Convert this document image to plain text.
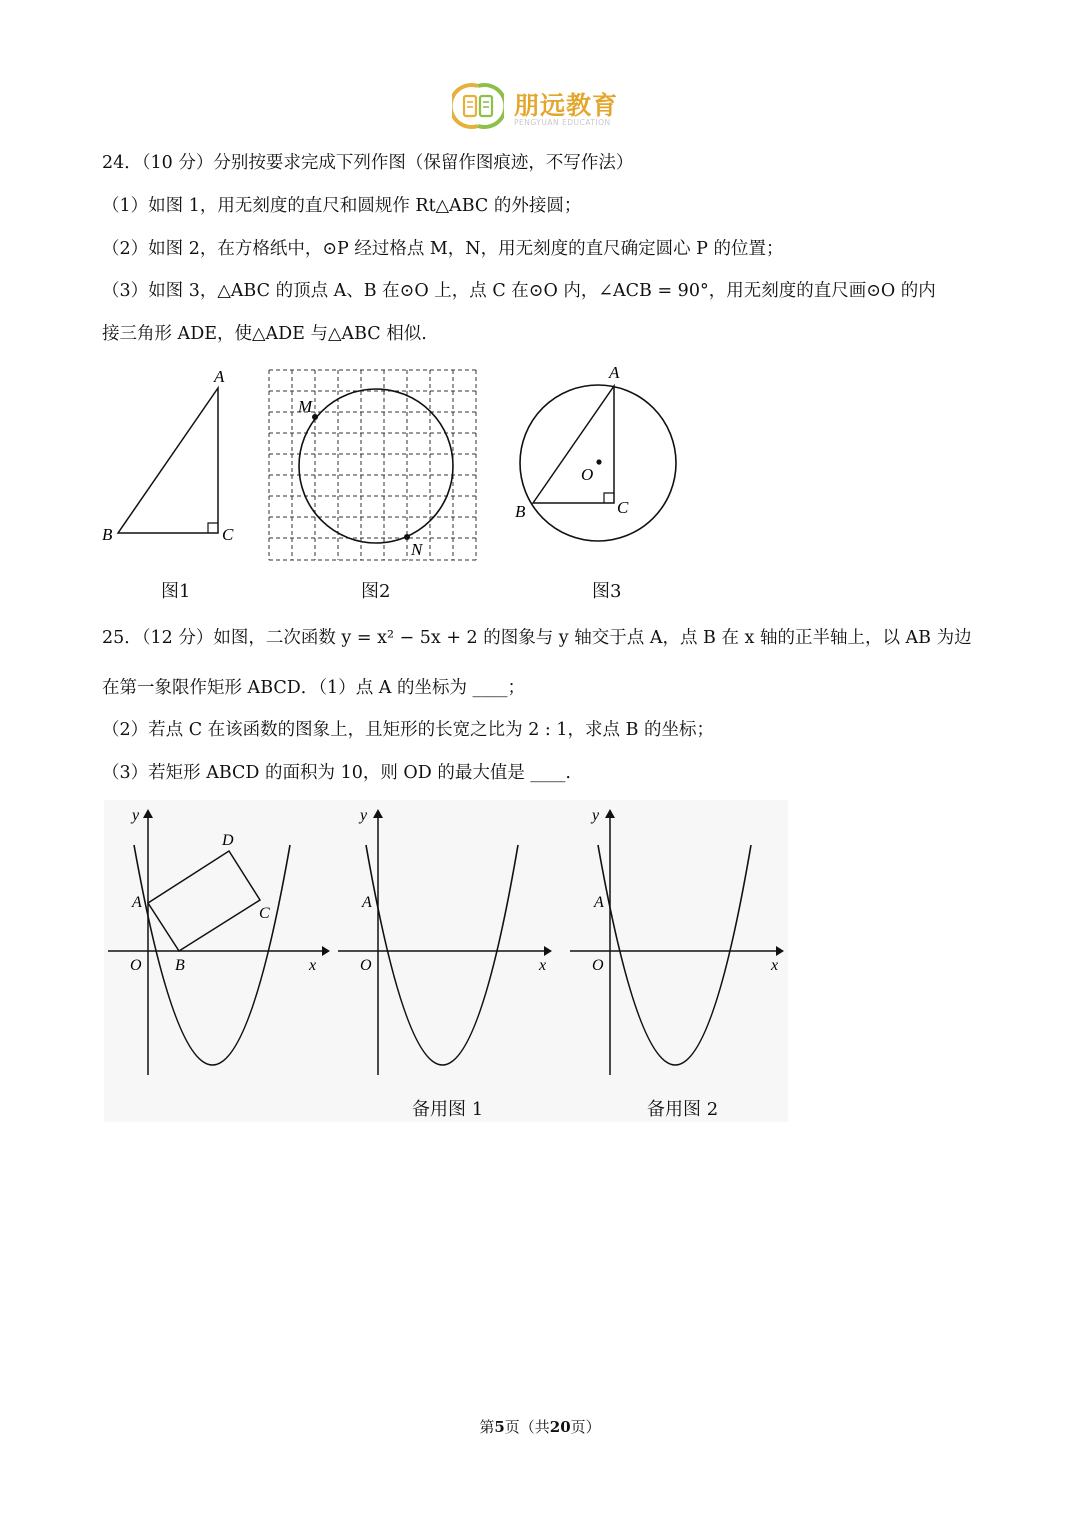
朋远教育
PENGYUAN EDUCATION
24．（10 分）分别按要求完成下列作图（保留作图痕迹，不写作法）
（1）如图 1，用无刻度的直尺和圆规作 Rt△ABC 的外接圆；
（2）如图 2，在方格纸中，⊙P 经过格点 M，N，用无刻度的直尺确定圆心 P 的位置；
（3）如图 3，△ABC 的顶点 A、B 在⊙O 上，点 C 在⊙O 内，∠ACB = 90°，用无刻度的直尺画⊙O 的内
接三角形 ADE，使△ADE 与△ABC 相似.
A
B	C
图1
M
N
图2
A
B	C
O
图3
25．（12 分）如图，二次函数 y = x² − 5x + 2 的图象与 y 轴交于点 A，点 B 在 x 轴的正半轴上，以 AB 为边
在第一象限作矩形 ABCD．（1）点 A 的坐标为 ____；
（2）若点 C 在该函数的图象上，且矩形的长宽之比为 2 : 1，求点 B 的坐标；
（3）若矩形 ABCD 的面积为 10，则 OD 的最大值是 ____.
y
x
O
A
B
C
D
y
x
O
A
备用图 1
y
x
O
A
备用图 2
第5页（共20页）
